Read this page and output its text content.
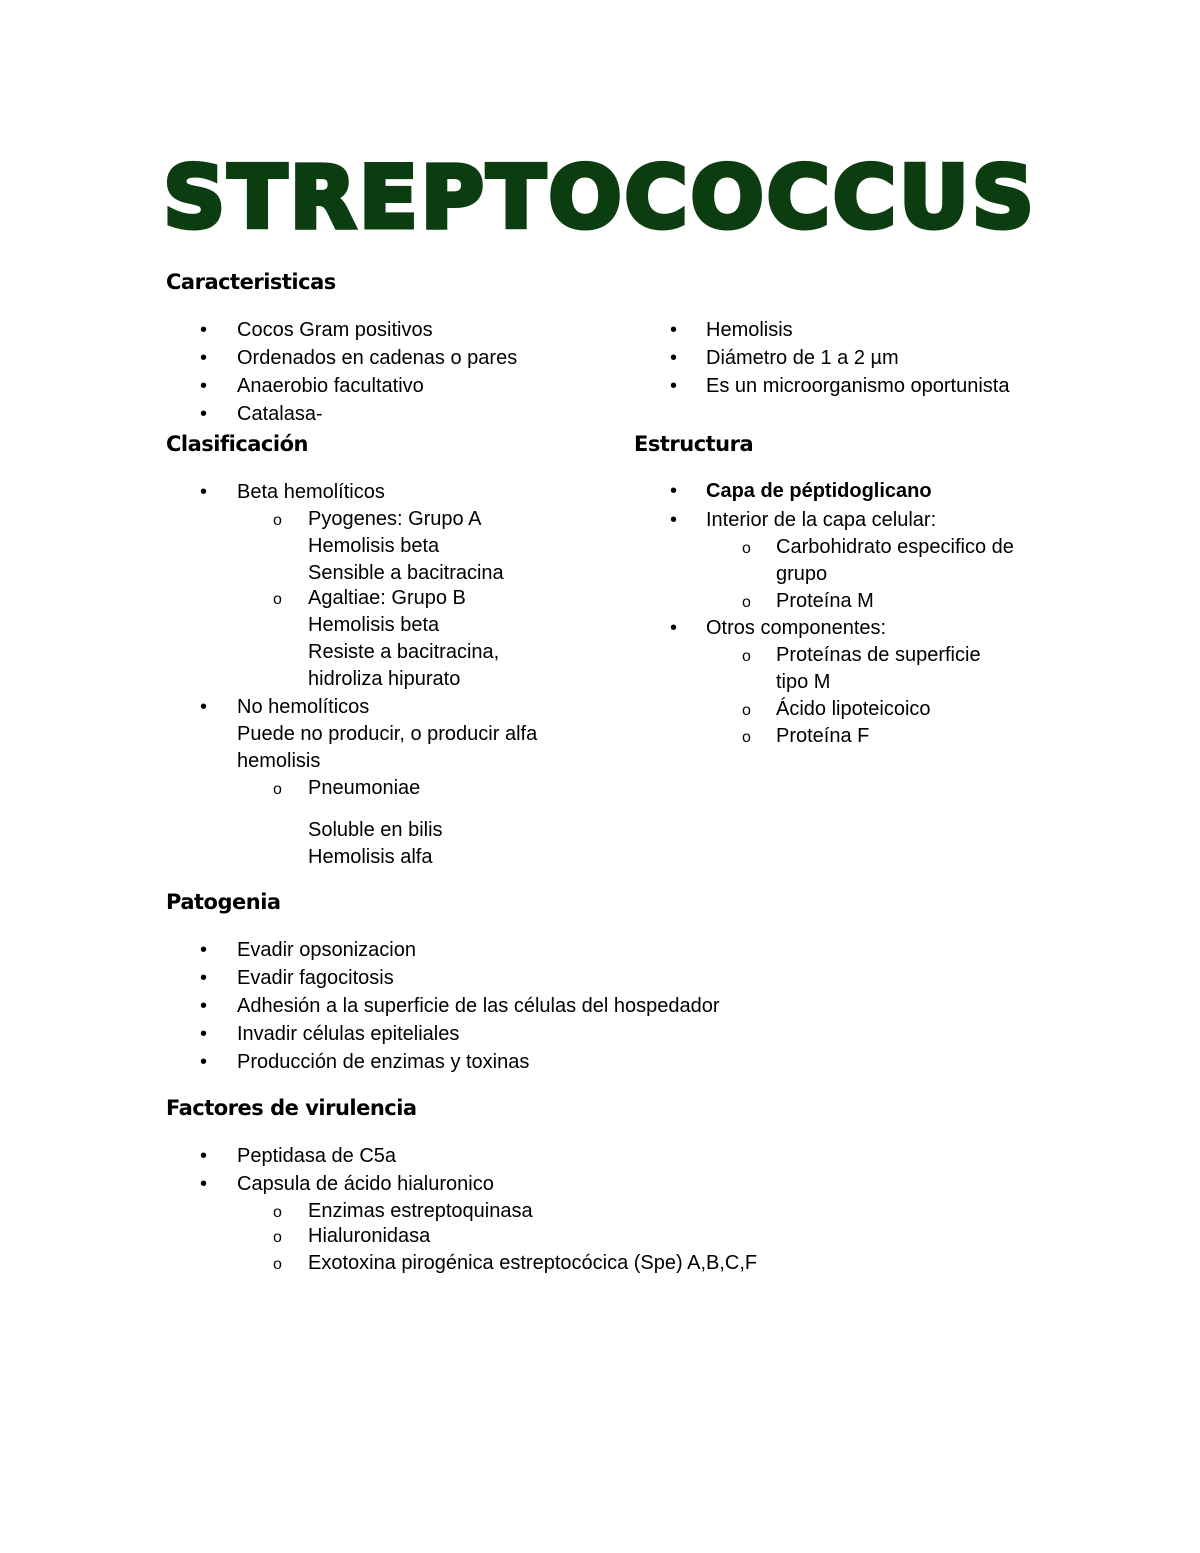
STREPTOCOCCUS
Caracteristicas
• Cocos Gram positivos
• Ordenados en cadenas o pares
• Anaerobio facultativo
• Catalasa-
• Hemolisis
• Diámetro de 1 a 2 µm
• Es un microorganismo oportunista
Clasificación
• Beta hemolíticos
o Pyogenes: Grupo A
Hemolisis beta
Sensible a bacitracina
o Agaltiae: Grupo B
Hemolisis beta
Resiste a bacitracina,
hidroliza hipurato
• No hemolíticos
Puede no producir, o producir alfa
hemolisis
o Pneumoniae
Soluble en bilis
Hemolisis alfa
Estructura
• Capa de péptidoglicano
• Interior de la capa celular:
o Carbohidrato especifico de
grupo
o Proteína M
• Otros componentes:
o Proteínas de superficie
tipo M
o Ácido lipoteicoico
o Proteína F
Patogenia
• Evadir opsonizacion
• Evadir fagocitosis
• Adhesión a la superficie de las células del hospedador
• Invadir células epiteliales
• Producción de enzimas y toxinas
Factores de virulencia
• Peptidasa de C5a
• Capsula de ácido hialuronico
o Enzimas estreptoquinasa
o Hialuronidasa
o Exotoxina pirogénica estreptocócica (Spe) A,B,C,F
